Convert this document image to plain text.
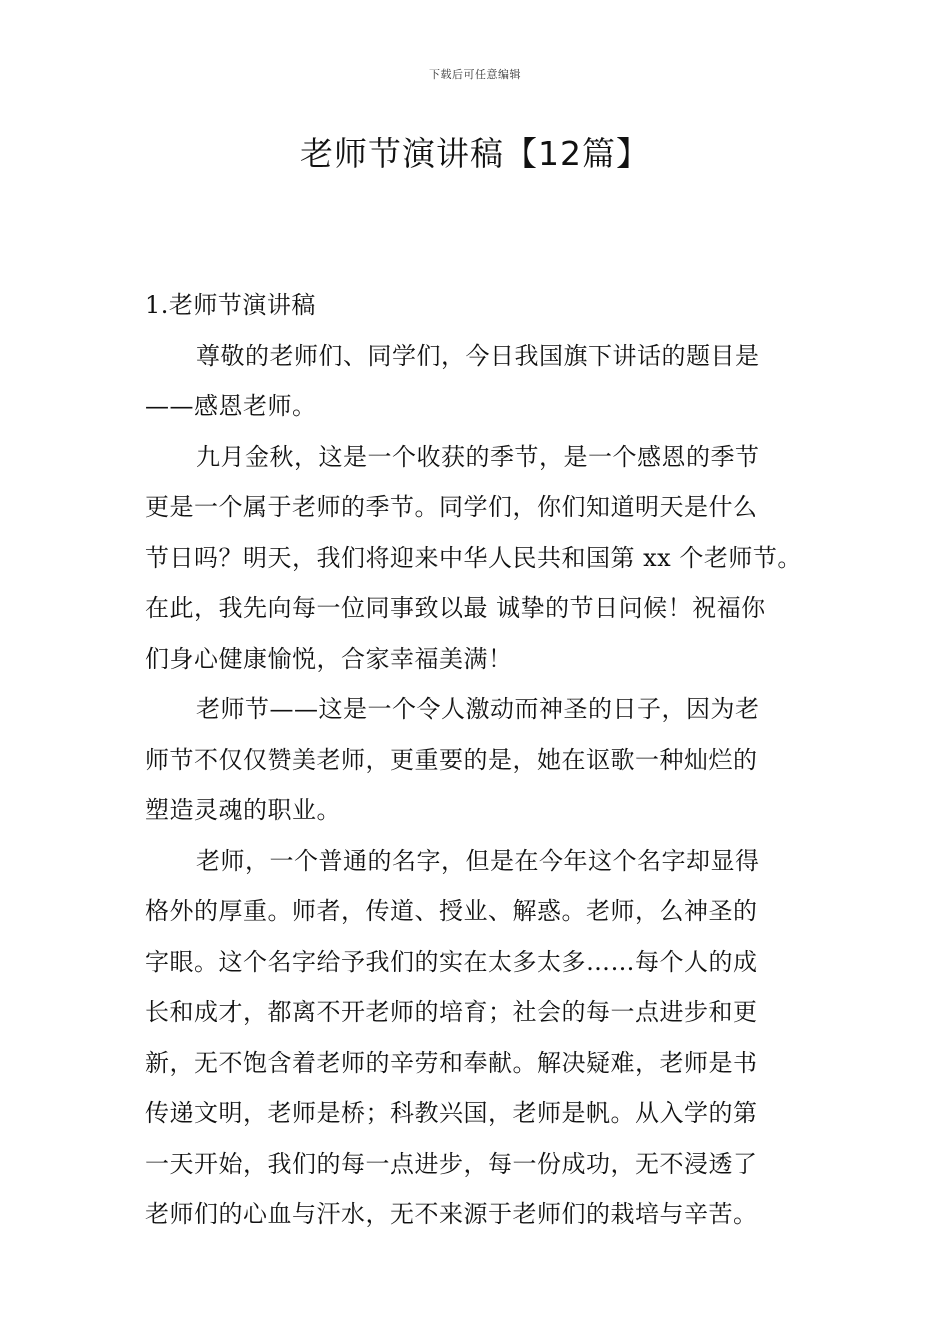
下载后可任意编辑
老师节演讲稿【12篇】
1.老师节演讲稿
尊敬的老师们、同学们，今日我国旗下讲话的题目是
——感恩老师。
九月金秋，这是一个收获的季节，是一个感恩的季节
更是一个属于老师的季节。同学们，你们知道明天是什么
节日吗？明天，我们将迎来中华人民共和国第 xx 个老师节。
在此，我先向每一位同事致以最 诚挚的节日问候！祝福你
们身心健康愉悦，合家幸福美满！
老师节——这是一个令人激动而神圣的日子，因为老
师节不仅仅赞美老师，更重要的是，她在讴歌一种灿烂的
塑造灵魂的职业。
老师，一个普通的名字，但是在今年这个名字却显得
格外的厚重。师者，传道、授业、解惑。老师，么神圣的
字眼。这个名字给予我们的实在太多太多……每个人的成
长和成才，都离不开老师的培育；社会的每一点进步和更
新，无不饱含着老师的辛劳和奉献。解决疑难，老师是书
传递文明，老师是桥；科教兴国，老师是帆。从入学的第
一天开始，我们的每一点进步，每一份成功，无不浸透了
老师们的心血与汗水，无不来源于老师们的栽培与辛苦。
